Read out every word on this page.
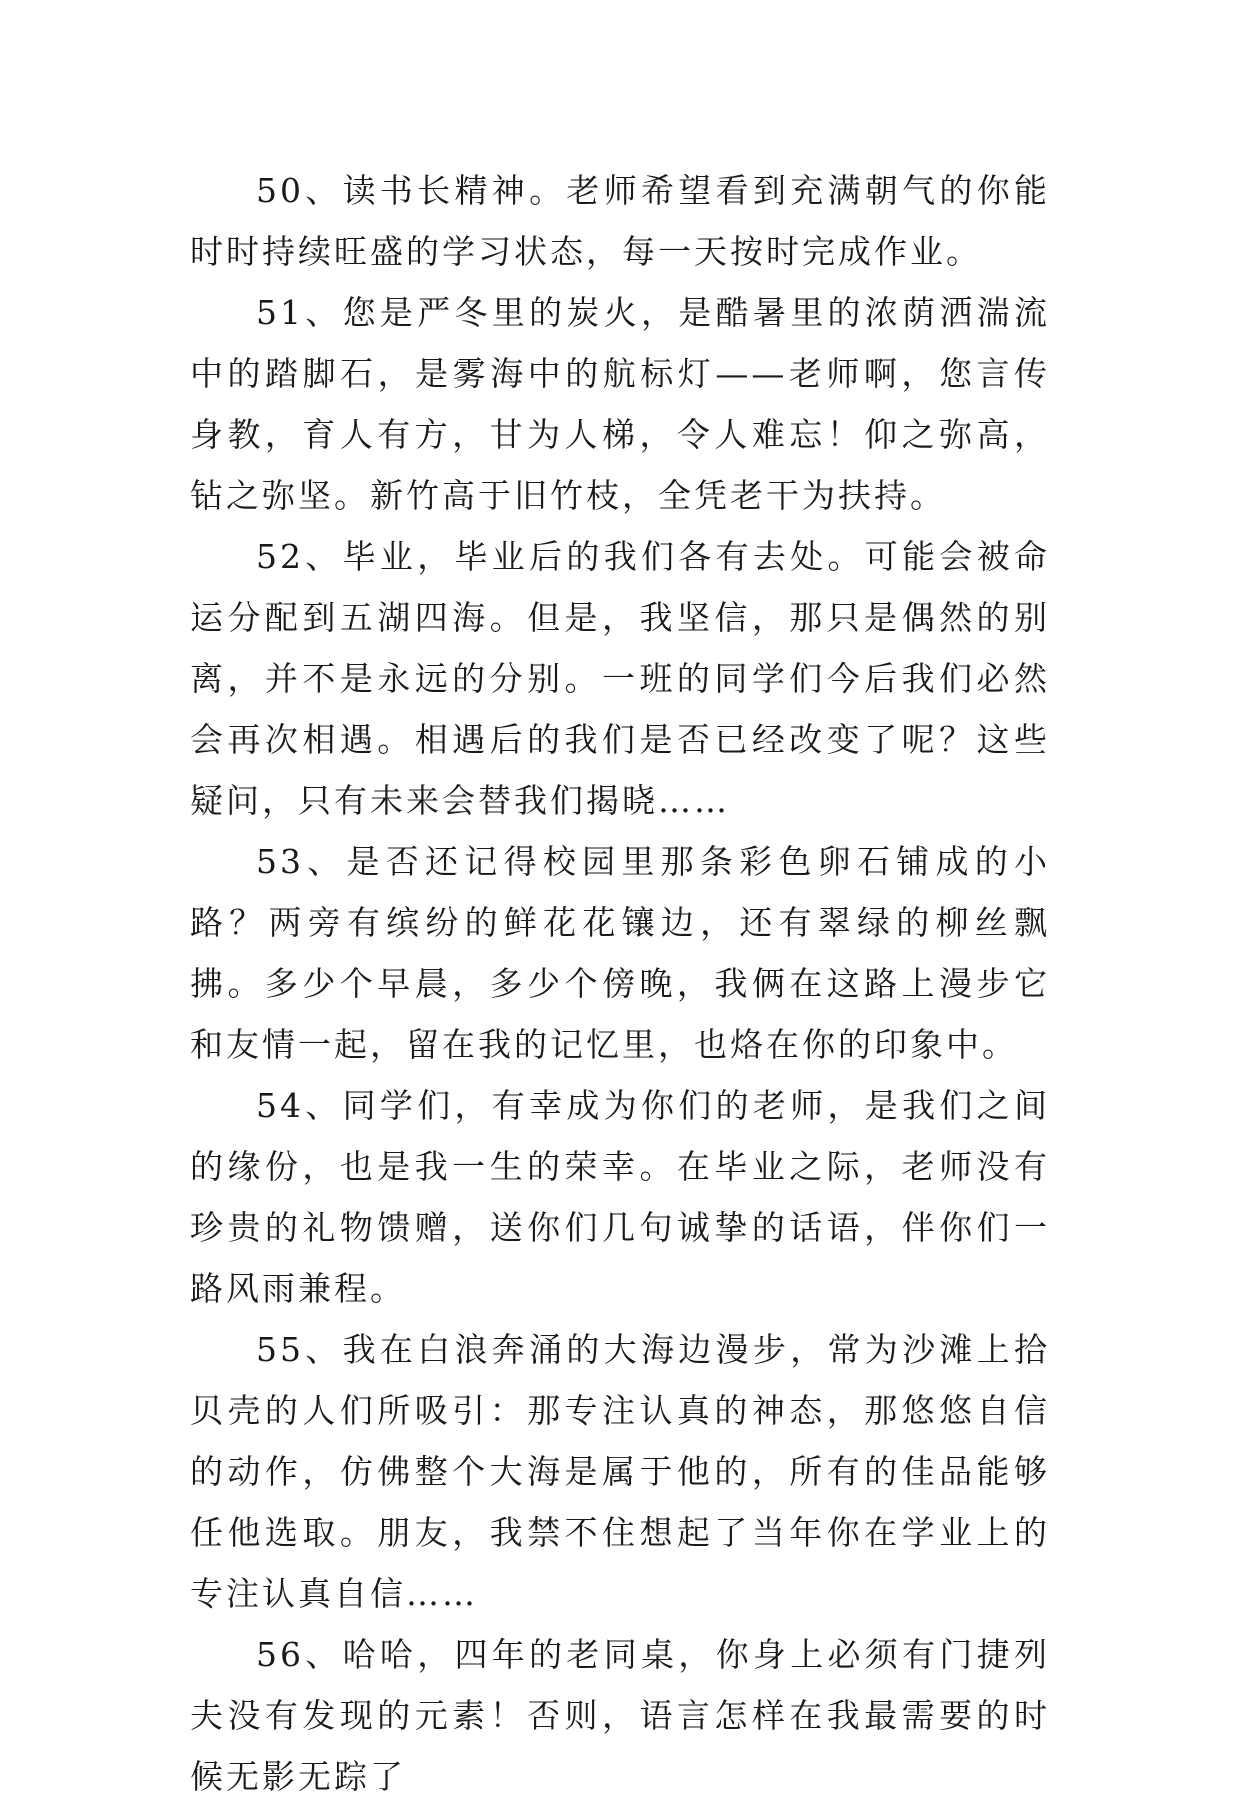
50、读书长精神。老师希望看到充满朝气的你能时时持续旺盛的学习状态，每一天按时完成作业。

51、您是严冬里的炭火，是酷暑里的浓荫洒湍流中的踏脚石，是雾海中的航标灯——老师啊，您言传身教，育人有方，甘为人梯，令人难忘！仰之弥高，钻之弥坚。新竹高于旧竹枝，全凭老干为扶持。

52、毕业，毕业后的我们各有去处。可能会被命运分配到五湖四海。但是，我坚信，那只是偶然的别离，并不是永远的分别。一班的同学们今后我们必然会再次相遇。相遇后的我们是否已经改变了呢？这些疑问，只有未来会替我们揭晓……

53、是否还记得校园里那条彩色卵石铺成的小路？两旁有缤纷的鲜花花镶边，还有翠绿的柳丝飘拂。多少个早晨，多少个傍晚，我俩在这路上漫步它和友情一起，留在我的记忆里，也烙在你的印象中。

54、同学们，有幸成为你们的老师，是我们之间的缘份，也是我一生的荣幸。在毕业之际，老师没有珍贵的礼物馈赠，送你们几句诚挚的话语，伴你们一路风雨兼程。

55、我在白浪奔涌的大海边漫步，常为沙滩上拾贝壳的人们所吸引：那专注认真的神态，那悠悠自信的动作，仿佛整个大海是属于他的，所有的佳品能够任他选取。朋友，我禁不住想起了当年你在学业上的专注认真自信……

56、哈哈，四年的老同桌，你身上必须有门捷列夫没有发现的元素！否则，语言怎样在我最需要的时候无影无踪了
